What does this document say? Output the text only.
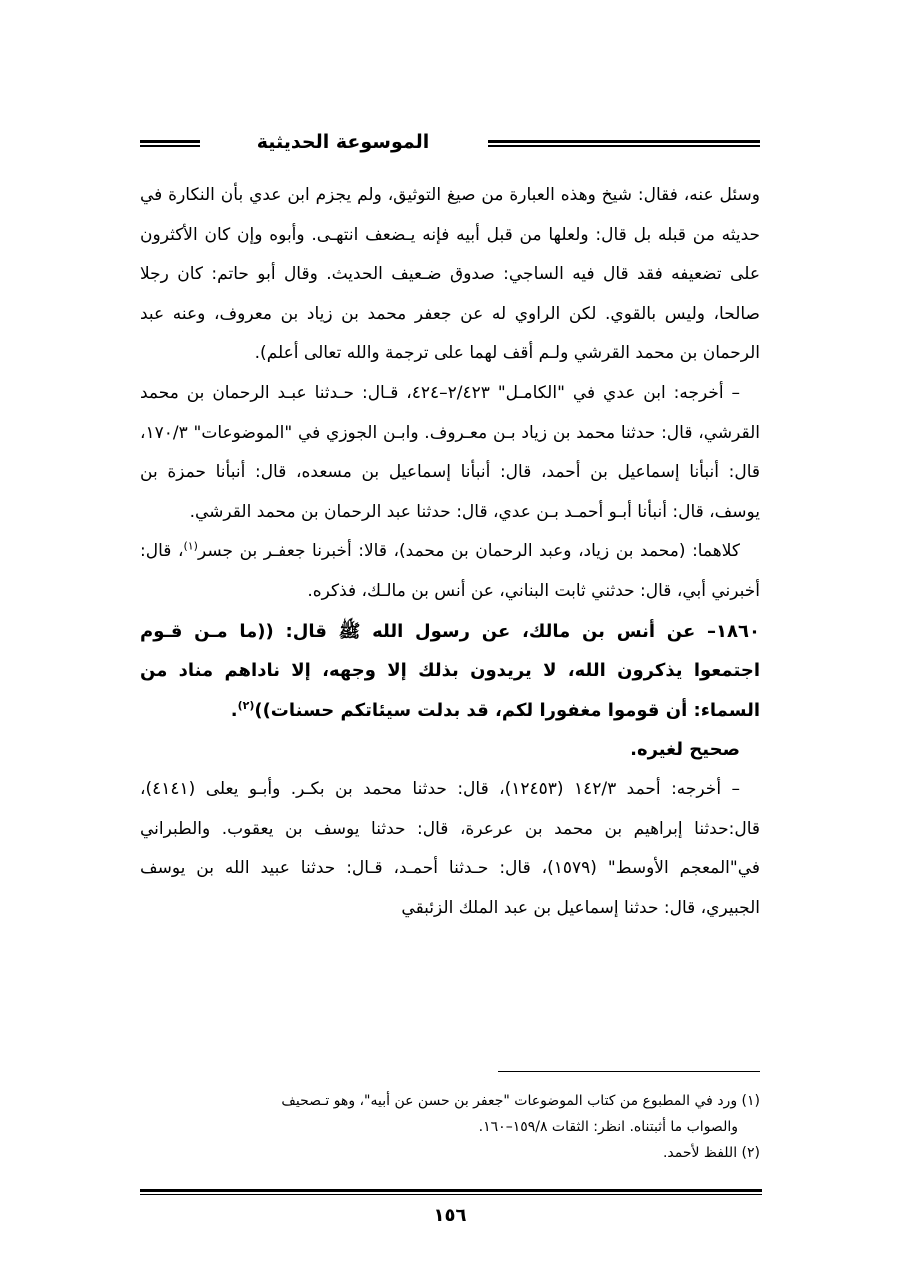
الموسوعة الحديثية

وسئل عنه، فقال: شيخ وهذه العبارة من صيغ التوثيق، ولم يجزم ابن عدي بأن النكارة في حديثه من قبله بل قال: ولعلها من قبل أبيه فإنه يـضعف انتهـى. وأبوه وإن كان الأكثرون على تضعيفه فقد قال فيه الساجي: صدوق ضـعيف الحديث. وقال أبو حاتم: كان رجلا صالحا، وليس بالقوي. لكن الراوي له عن جعفر محمد بن زياد بن معروف، وعنه عبد الرحمان بن محمد القرشي ولـم أقف لهما على ترجمة والله تعالى أعلم).

– أخرجه: ابن عدي في "الكامـل" ٢/٤٢٣–٤٢٤، قـال: حـدثنا عبـد الرحمان بن محمد القرشي، قال: حدثنا محمد بن زياد بـن معـروف. وابـن الجوزي في "الموضوعات" ١٧٠/٣، قال: أنبأنا إسماعيل بن أحمد، قال: أنبأنا إسماعيل بن مسعده، قال: أنبأنا حمزة بن يوسف، قال: أنبأنا أبـو أحمـد بـن عدي، قال: حدثنا عبد الرحمان بن محمد القرشي.

كلاهما: (محمد بن زياد، وعبد الرحمان بن محمد)، قالا: أخبرنا جعفـر بن جسر$^{(١)}$، قال: أخبرني أبي، قال: حدثني ثابت البناني، عن أنس بن مالـك، فذكره.

١٨٦٠– عن أنس بن مالك، عن رسول الله ﷺ قال: ((ما مـن قـوم اجتمعوا يذكرون الله، لا يريدون بذلك إلا وجهه، إلا ناداهم مناد من السماء: أن قوموا مغفورا لكم، قد بدلت سيئاتكم حسنات))$^{(٢)}$.

صحيح لغيره.

– أخرجه: أحمد ١٤٢/٣ (١٢٤٥٣)، قال: حدثنا محمد بن بكـر. وأبـو يعلى (٤١٤١)، قال:حدثنا إبراهيم بن محمد بن عرعرة، قال: حدثنا يوسف بن يعقوب. والطبراني في"المعجم الأوسط" (١٥٧٩)، قال: حـدثنا أحمـد، قـال: حدثنا عبيد الله بن يوسف الجبيري، قال: حدثنا إسماعيل بن عبد الملك الزئبقي

(١) ورد في المطبوع من كتاب الموضوعات "جعفر بن حسن عن أبيه"، وهو تـصحيف

والصواب ما أثبتناه. انظر: الثقات ١٥٩/٨–١٦٠.

(٢) اللفظ لأحمد.

١٥٦
